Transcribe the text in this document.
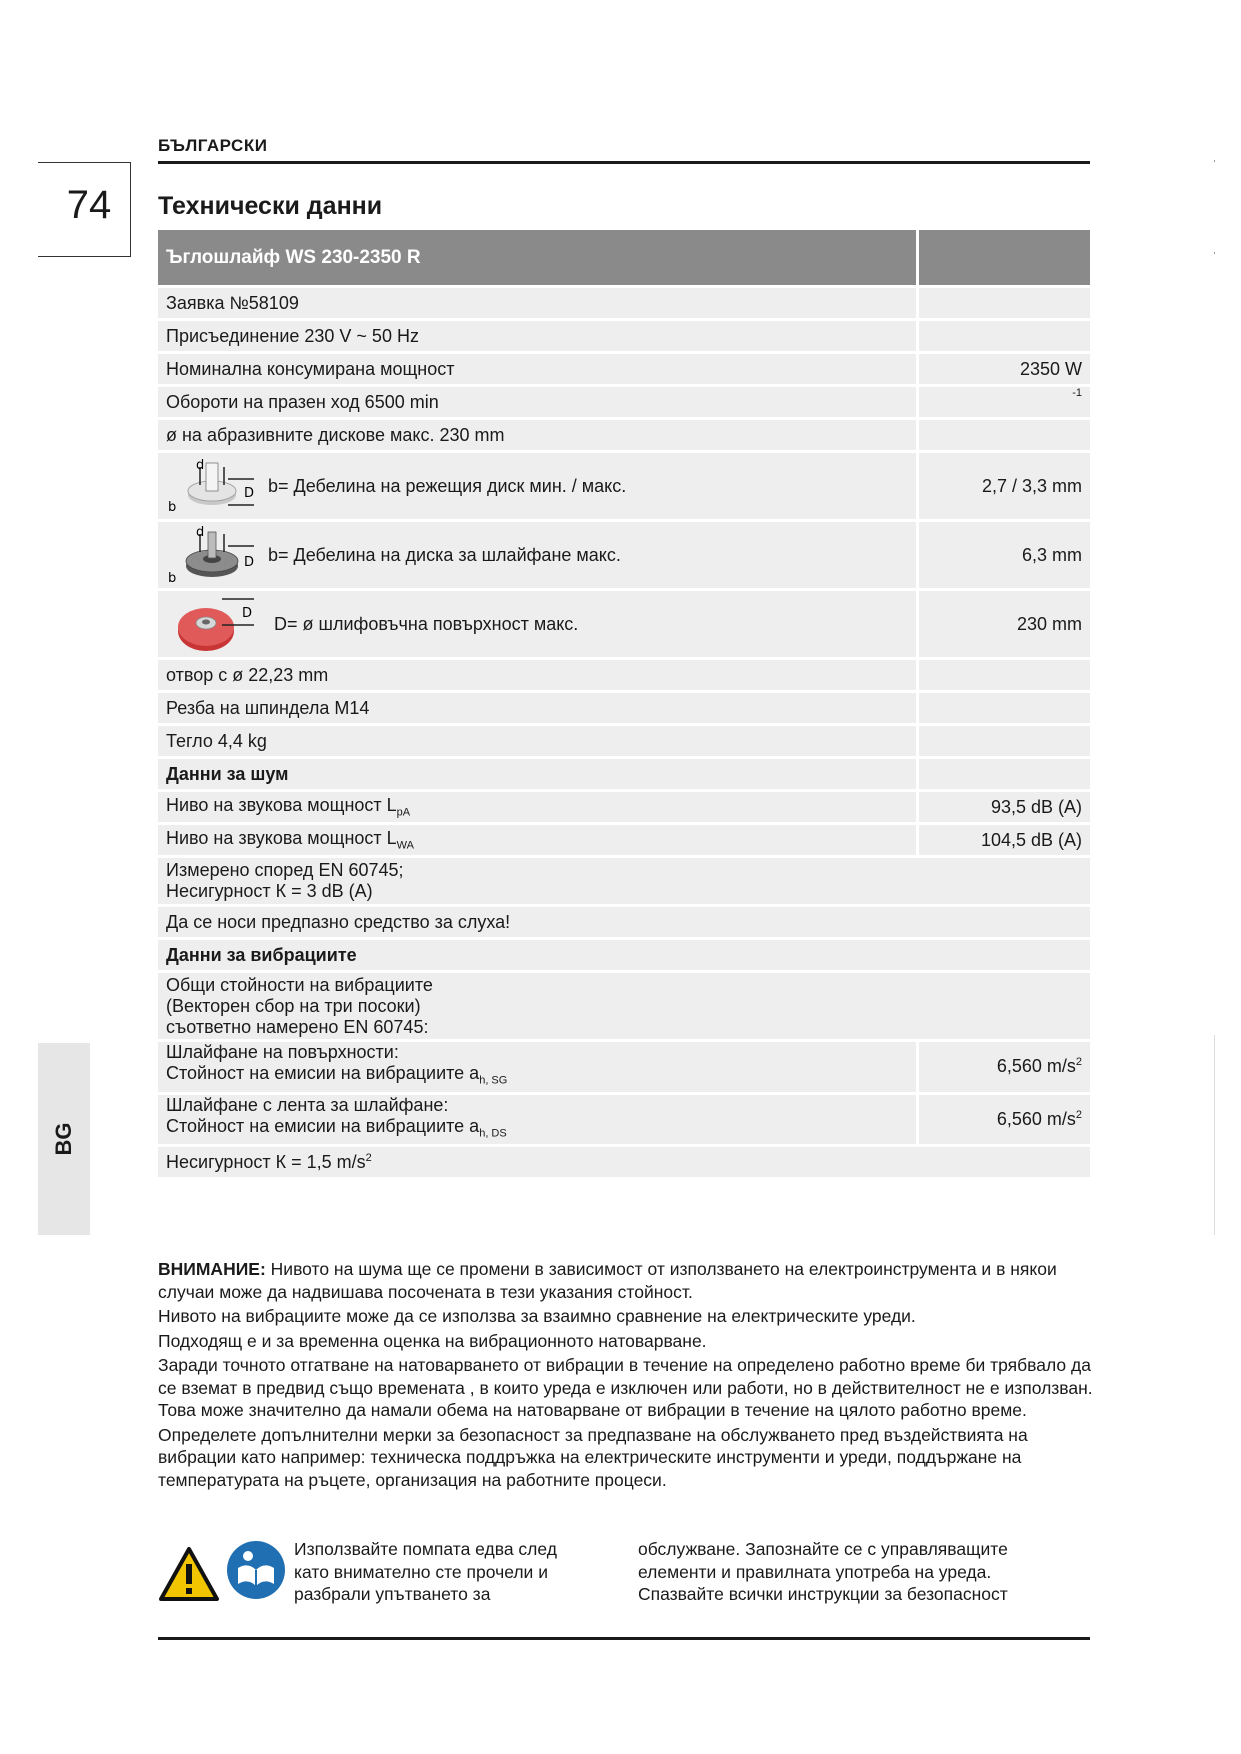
БЪЛГАРСКИ
74	Технически данни
BG
Ъглошлайф WS 230-2350 R	
Заявка №58109	
Присъединение 230 V ~ 50 Hz	
Номинална консумирана мощност	2350 W
Обороти на празен ход 6500 min	$^{-1}$
ø на абразивните дискове макс. 230 mm	

d
D
b
b= Дебелина на режещия диск мин. / макс.	2,7 / 3,3 mm

d
D
b
b= Дебелина на диска за шлайфане макс.	6,3 mm

D D= ø шлифовъчна повърхност макс.	230 mm
отвор с ø 22,23 mm	
Резба на шпиндела М14	
Тегло 4,4 kg	
Данни за шум	
Ниво на звукова мощност $L_{pA}$	93,5 dB (A)
Ниво на звукова мощност $L_{WA}$	104,5 dB (A)

Измерено според EN 60745;
Несигурност К = 3 dB (A)	

Да се носи предпазно средство за слуха!	
Данни за вибрациите	

Общи стойности на вибрациите
(Векторен сбор на три посоки)
съответно намерено EN 60745:	

Шлайфане на повърхности:
Стойност на емисии на вибрациите $a_{h, SG}$	6,560 $m/s^2$

Шлайфане с лента за шлайфане:
Стойност на емисии на вибрациите $a_{h, DS}$	6,560 $m/s^2$
Несигурност К = 1,5 $m/s^2$

ВНИМАНИЕ: Нивото на шума ще се промени в зависимост от използването на електроинструмента и в някои случаи може да надвишава посочената в тези указания стойност.

Нивото на вибрациите може да се използва за взаимно сравнение на електрическите уреди.

Подходящ е и за временна оценка на вибрационното натоварване.

Заради точното отгатване на натоварването от вибрации в течение на определено работно време би трябвало да се вземат в предвид също времената , в които уреда е изключен или работи, но в действителност не е използван. Това може значително да намали обема на натоварване от вибрации в течение на цялото работно време.

Определете допълнителни мерки за безопасност за предпазване на обслужването пред въздействията на вибрации като например: техническа поддръжка на електрическите инструменти и уреди, поддържане на температурата на ръцете, организация на работните процеси.

Използвайте помпата едва след
като внимателно сте прочели и
разбрали упътването за
обслужване. Запознайте се с управляващите
елементи и правилната употреба на уреда.
Спазвайте всички инструкции за безопасност
